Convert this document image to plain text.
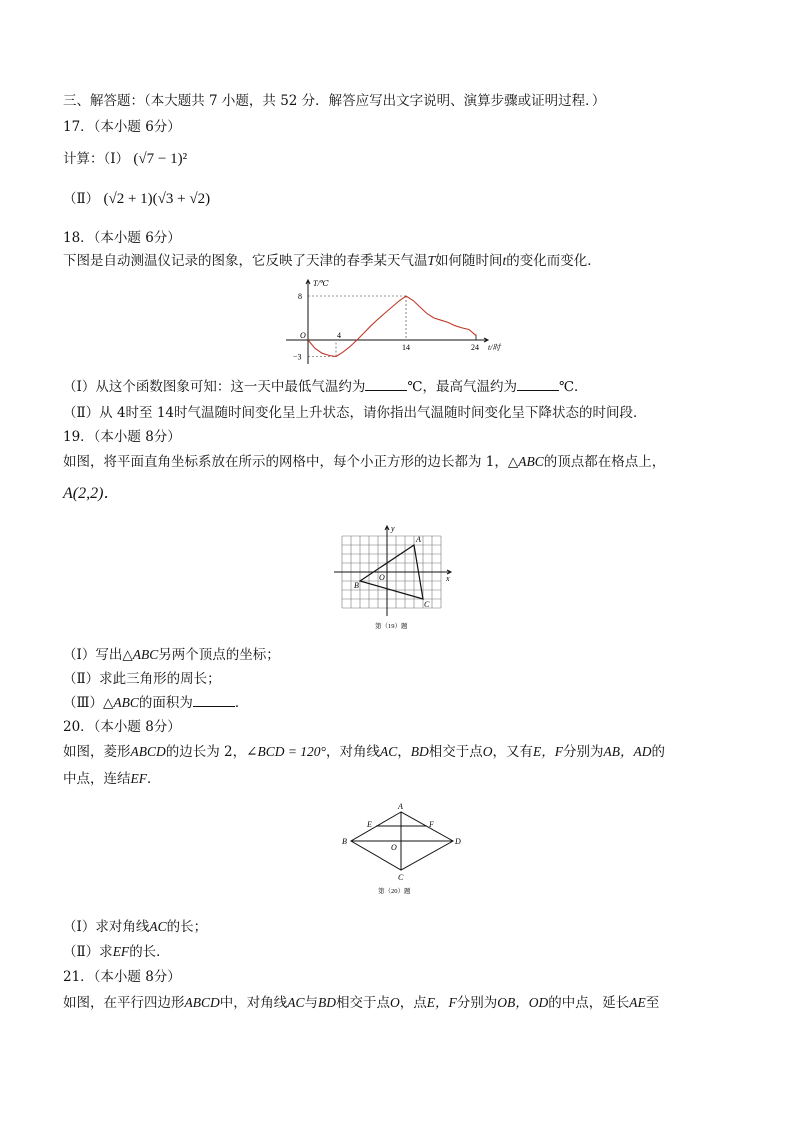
三、解答题：（本大题共 7 小题，共 52 分．解答应写出文字说明、演算步骤或证明过程．）
17．（本小题 6分）
计算：（Ⅰ） (√7 − 1)²
（Ⅱ） (√2 + 1)(√3 + √2)
18．（本小题 6分）
下图是自动测温仪记录的图象，它反映了天津的春季某天气温T如何随时间t的变化而变化．
T/℃
t/时
8
−3
O	4
14	24
（Ⅰ）从这个函数图象可知：这一天中最低气温约为	℃，最高气温约为	℃．
（Ⅱ）从 4时至 14时气温随时间变化呈上升状态，请你指出气温随时间变化呈下降状态的时间段．
19．（本小题 8分）
如图，将平面直角坐标系放在所示的网格中，每个小正方形的边长都为 1，△ABC的顶点都在格点上，
A(2,2)．
y
x
A
B
C
O
第（19）题
（Ⅰ）写出△ABC另两个顶点的坐标；
（Ⅱ）求此三角形的周长；
（Ⅲ）△ABC的面积为	．
20．（本小题 8分）
如图，菱形ABCD的边长为 2，∠BCD = 120°，对角线AC，BD相交于点O，又有E，F分别为AB，AD的
中点，连结EF．
A
B
C
D
E	F
O
第（20）题
（Ⅰ）求对角线AC的长；
（Ⅱ）求EF的长．
21．（本小题 8分）
如图，在平行四边形ABCD中，对角线AC与BD相交于点O，点E，F分别为OB，OD的中点，延长AE至
